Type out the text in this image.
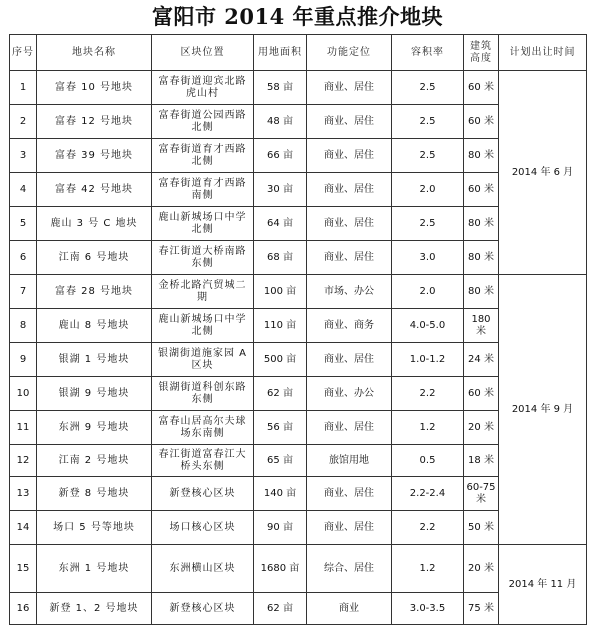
富阳市 2014 年重点推介地块
序号	地块名称	区块位置	用地面积	功能定位	容积率	建筑高度	计划出让时间
1	富春 10 号地块	富春街道迎宾北路虎山村	58 亩	商业、居住	2.5	60 米	2014 年 6 月
2	富春 12 号地块	富春街道公园西路北侧	48 亩	商业、居住	2.5	60 米	
3	富春 39 号地块	富春街道育才西路北侧	66 亩	商业、居住	2.5	80 米	
4	富春 42 号地块	富春街道育才西路南侧	30 亩	商业、居住	2.0	60 米	
5	鹿山 3 号 C 地块	鹿山新城场口中学北侧	64 亩	商业、居住	2.5	80 米	
6	江南 6 号地块	春江街道大桥南路东侧	68 亩	商业、居住	3.0	80 米	
7	富春 28 号地块	金桥北路汽贸城二期	100 亩	市场、办公	2.0	80 米	2014 年 9 月
8	鹿山 8 号地块	鹿山新城场口中学北侧	110 亩	商业、商务	4.0-5.0	180 米	
9	银湖 1 号地块	银湖街道施家园 A 区块	500 亩	商业、居住	1.0-1.2	24 米	
10	银湖 9 号地块	银湖街道科创东路东侧	62 亩	商业、办公	2.2	60 米	
11	东洲 9 号地块	富春山居高尔夫球场东南侧	56 亩	商业、居住	1.2	20 米	
12	江南 2 号地块	春江街道富春江大桥头东侧	65 亩	旅馆用地	0.5	18 米	
13	新登 8 号地块	新登核心区块	140 亩	商业、居住	2.2-2.4	60-75 米	
14	场口 5 号等地块	场口核心区块	90 亩	商业、居住	2.2	50 米	
15	东洲 1 号地块	东洲横山区块	1680 亩	综合、居住	1.2	20 米	2014 年 11 月
16	新登 1、2 号地块	新登核心区块	62 亩	商业	3.0-3.5	75 米	
